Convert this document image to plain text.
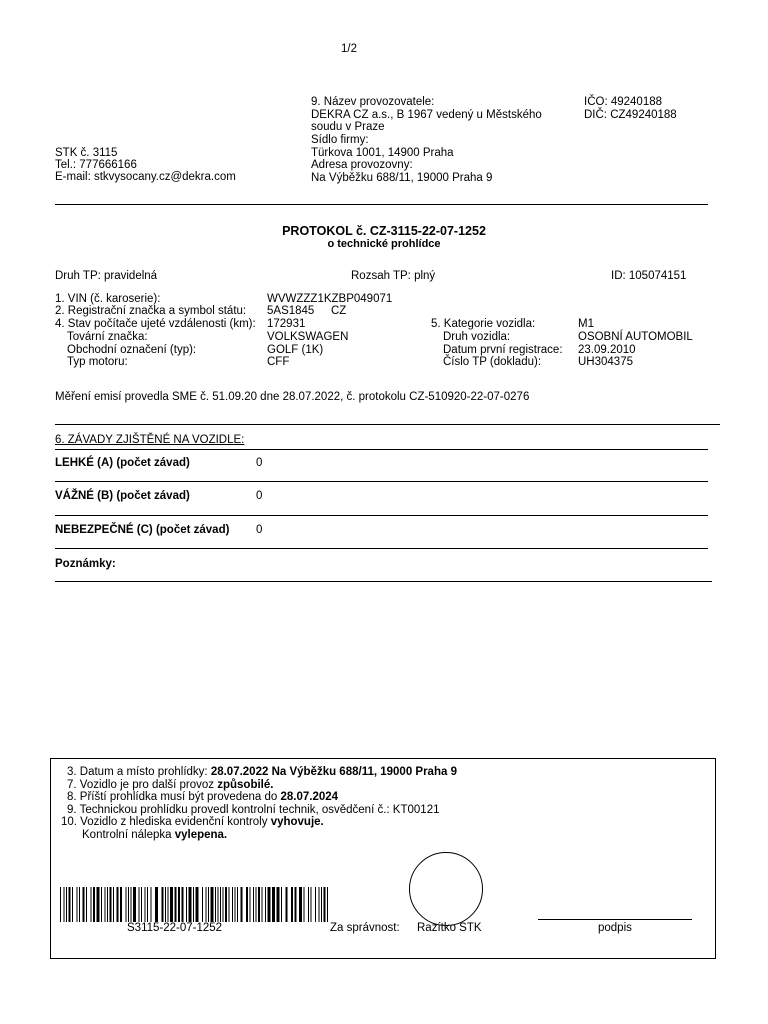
1/2
STK č. 3115
Tel.: 777666166
E-mail: stkvysocany.cz@dekra.com
9. Název provozovatele:
DEKRA CZ a.s., B 1967 vedený u Městského
soudu v Praze
Sídlo firmy:
Türkova 1001, 14900 Praha
Adresa provozovny:
Na Výběžku 688/11, 19000 Praha 9
IČO: 49240188
DIČ: CZ49240188
PROTOKOL č. CZ-3115-22-07-1252
o technické prohlídce
Druh TP: pravidelná	Rozsah TP: plný	ID: 105074151
1. VIN (č. karoserie):	WVWZZZ1KZBP049071
2. Registrační značka a symbol státu: 5AS1845 CZ
4. Stav počítače ujeté vzdálenosti (km): 172931
Tovární značka:	VOLKSWAGEN
Obchodní označení (typ):	GOLF (1K)
Typ motoru:	CFF
5. Kategorie vozidla:	M1
Druh vozidla:	OSOBNÍ AUTOMOBIL
Datum první registrace: 23.09.2010
Číslo TP (dokladu):	UH304375
Měření emisí provedla SME č. 51.09.20 dne 28.07.2022, č. protokolu CZ-510920-22-07-0276
6. ZÁVADY ZJIŠTĚNÉ NA VOZIDLE:
LEHKÉ (A) (počet závad)	0
VÁŽNÉ (B) (počet závad)	0
NEBEZPEČNÉ (C) (počet závad) 0
Poznámky:
3. Datum a místo prohlídky: 28.07.2022 Na Výběžku 688/11, 19000 Praha 9
7. Vozidlo je pro další provoz způsobilé.
8. Příští prohlídka musí být provedena do 28.07.2024
9. Technickou prohlídku provedl kontrolní technik, osvědčení č.: KT00121
10. Vozidlo z hlediska evidenční kontroly vyhovuje.
Kontrolní nálepka vylepena.
S3115-22-07-1252	Za správnost: Razítko STK	podpis
